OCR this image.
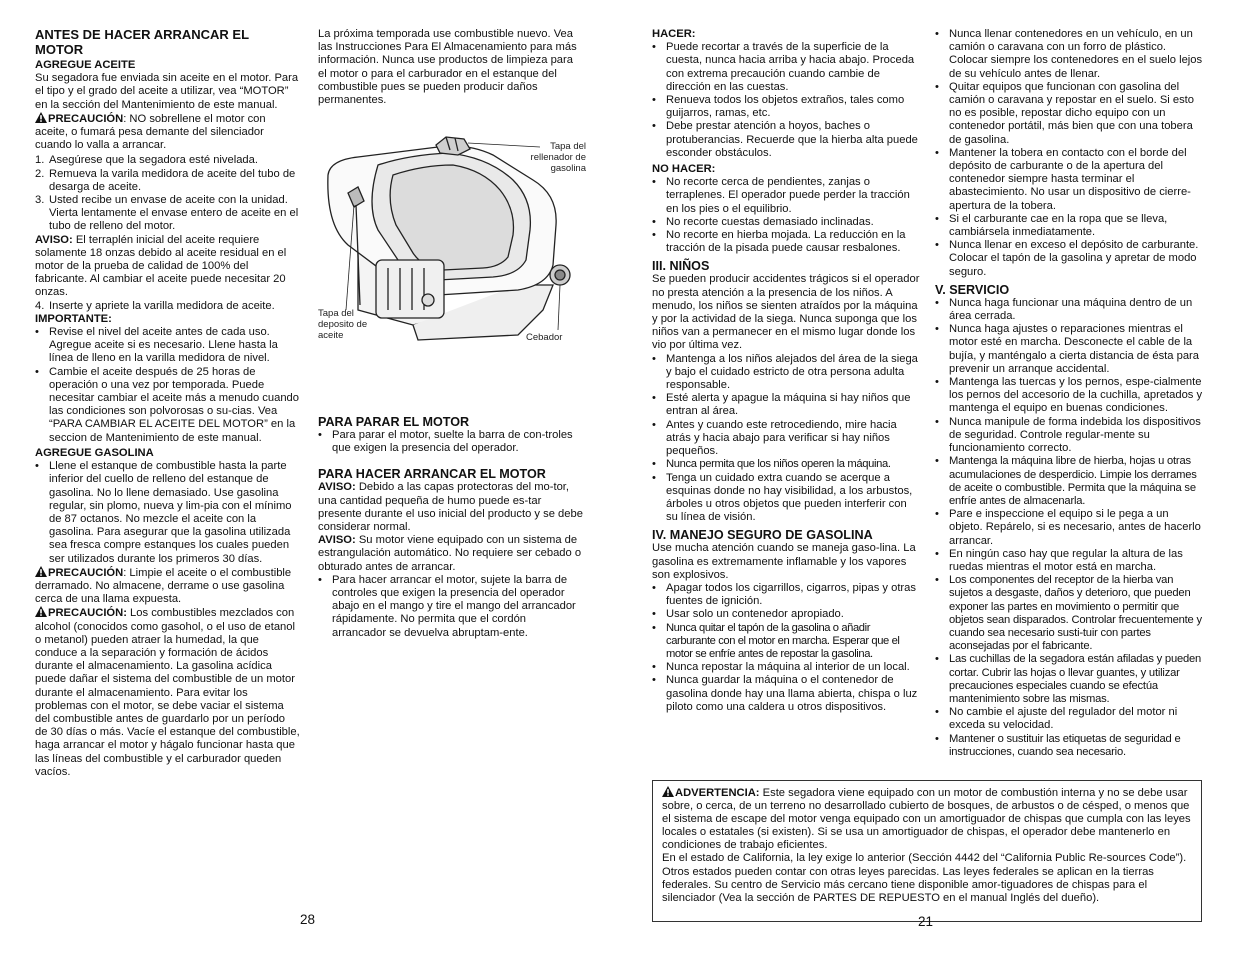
ANTES DE HACER ARRANCAR EL MOTOR

AGREGUE ACEITE

Su segadora fue enviada sin aceite en el motor. Para el tipo y el grado del aceite a utilizar, vea “MOTOR” en la sección del Mantenimiento de este manual.

PRECAUCIÓN: NO sobrellene el motor con aceite, o fumará pesa demante del silenciador cuando lo valla a arrancar.

1. Asegúrese que la segadora esté nivelada.
2. Remueva la varila medidora de aceite del tubo de desarga de aceite.
3. Usted recibe un envase de aceite con la unidad. Vierta lentamente el envase entero de aceite en el tubo de relleno del motor.

AVISO: El terraplén inicial del aceite requiere solamente 18 onzas debido al aceite residual en el motor de la prueba de calidad de 100% del fabricante. Al cambiar el aceite puede necesitar 20 onzas.

4. Inserte y apriete la varilla medidora de aceite.

IMPORTANTE:

• Revise el nivel del aceite antes de cada uso. Agregue aceite si es necesario. Llene hasta la línea de lleno en la varilla medidora de nivel.
• Cambie el aceite después de 25 horas de operación o una vez por temporada. Puede necesitar cambiar el aceite más a menudo cuando las condiciones son polvorosas o su-cias. Vea “PARA CAMBIAR EL ACEITE DEL MOTOR” en la seccion de Mantenimiento de este manual.

AGREGUE GASOLINA

• Llene el estanque de combustible hasta la parte inferior del cuello de relleno del estanque de gasolina. No lo llene demasiado. Use gasolina regular, sin plomo, nueva y lim-pia con el mínimo de 87 octanos. No mezcle el aceite con la gasolina. Para asegurar que la gasolina utilizada sea fresca compre estanques los cuales pueden ser utilizados durante los primeros 30 días.

PRECAUCIÓN: Limpie el aceite o el combustible derramado. No almacene, derrame o use gasolina cerca de una llama expuesta.

PRECAUCIÓN: Los combustibles mezclados con alcohol (conocidos como gasohol, o el uso de etanol o metanol) pueden atraer la humedad, la que conduce a la separación y formación de ácidos durante el almacenamiento. La gasolina acídica puede dañar el sistema del combustible de un motor durante el almacenamiento. Para evitar los problemas con el motor, se debe vaciar el sistema del combustible antes de guardarlo por un período de 30 días o más. Vacíe el estanque del combustible, haga arrancar el motor y hágalo funcionar hasta que las líneas del combustible y el carburador queden vacíos.

La próxima temporada use combustible nuevo. Vea las Instrucciones Para El Almacenamiento para más información. Nunca use productos de limpieza para el motor o para el carburador en el estanque del combustible pues se pueden producir daños permanentes.

Tapa del rellenador de gasolina
Tapa del deposito de aceite	Cebador

PARA PARAR EL MOTOR

• Para parar el motor, suelte la barra de con-troles que exigen la presencia del operador.

PARA HACER ARRANCAR EL MOTOR

AVISO: Debido a las capas protectoras del mo-tor, una cantidad pequeña de humo puede es-tar presente durante el uso inicial del producto y se debe considerar normal.

AVISO: Su motor viene equipado con un sistema de estrangulación automático. No requiere ser cebado o obturado antes de arrancar.

• Para hacer arrancar el motor, sujete la barra de controles que exigen la presencia del operador abajo en el mango y tire el mango del arrancador rápidamente. No permita que el cordón arrancador se devuelva abruptam-ente.
28

HACER:

• Puede recortar a través de la superficie de la cuesta, nunca hacia arriba y hacia abajo. Proceda con extrema precaución cuando cambie de dirección en las cuestas.
• Renueva todos los objetos extraños, tales como guijarros, ramas, etc.
• Debe prestar atención a hoyos, baches o protuberancias. Recuerde que la hierba alta puede esconder obstáculos.

NO HACER:

• No recorte cerca de pendientes, zanjas o terraplenes. El operador puede perder la tracción en los pies o el equilibrio.
• No recorte cuestas demasiado inclinadas.
• No recorte en hierba mojada. La reducción en la tracción de la pisada puede causar resbalones.

III. NIÑOS

Se pueden producir accidentes trágicos si el operador no presta atención a la presencia de los niños. A menudo, los niños se sienten atraídos por la máquina y por la actividad de la siega. Nunca suponga que los niños van a permanecer en el mismo lugar donde los vio por última vez.

• Mantenga a los niños alejados del área de la siega y bajo el cuidado estricto de otra persona adulta responsable.
• Esté alerta y apague la máquina si hay niños que entran al área.
• Antes y cuando este retrocediendo, mire hacia atrás y hacia abajo para verificar si hay niños pequeños.
• Nunca permita que los niños operen la máquina.
• Tenga un cuidado extra cuando se acerque a esquinas donde no hay visibilidad, a los arbustos, árboles u otros objetos que pueden interferir con su línea de visión.

IV. MANEJO SEGURO DE GASOLINA

Use mucha atención cuando se maneja gaso-lina. La gasolina es extremamente inflamable y los vapores son explosivos.

• Apagar todos los cigarrillos, cigarros, pipas y otras fuentes de ignición.
• Usar solo un contenedor apropiado.
• Nunca quitar el tapón de la gasolina o añadir carburante con el motor en marcha. Esperar que el motor se enfríe antes de repostar la gasolina.
• Nunca repostar la máquina al interior de un local.
• Nunca guardar la máquina o el contenedor de gasolina donde hay una llama abierta, chispa o luz piloto como una caldera u otros dispositivos.
• Nunca llenar contenedores en un vehículo, en un camión o caravana con un forro de plástico. Colocar siempre los contenedores en el suelo lejos de su vehículo antes de llenar.
• Quitar equipos que funcionan con gasolina del camión o caravana y repostar en el suelo. Si esto no es posible, repostar dicho equipo con un contenedor portátil, más bien que con una tobera de gasolina.
• Mantener la tobera en contacto con el borde del depósito de carburante o de la apertura del contenedor siempre hasta terminar el abastecimiento. No usar un dispositivo de cierre-apertura de la tobera.
• Si el carburante cae en la ropa que se lleva, cambiársela inmediatamente.
• Nunca llenar en exceso el depósito de carburante. Colocar el tapón de la gasolina y apretar de modo seguro.

V. SERVICIO

• Nunca haga funcionar una máquina dentro de un área cerrada.
• Nunca haga ajustes o reparaciones mientras el motor esté en marcha. Desconecte el cable de la bujía, y manténgalo a cierta distancia de ésta para prevenir un arranque accidental.
• Mantenga las tuercas y los pernos, espe-cialmente los pernos del accesorio de la cuchilla, apretados y mantenga el equipo en buenas condiciones.
• Nunca manipule de forma indebida los dispositivos de seguridad. Controle regular-mente su funcionamiento correcto.
• Mantenga la máquina libre de hierba, hojas u otras acumulaciones de desperdicio. Limpie los derrames de aceite o combustible. Permita que la máquina se enfríe antes de almacenarla.
• Pare e inspeccione el equipo si le pega a un objeto. Repárelo, si es necesario, antes de hacerlo arrancar.
• En ningún caso hay que regular la altura de las ruedas mientras el motor está en marcha.
• Los componentes del receptor de la hierba van sujetos a desgaste, daños y deterioro, que pueden exponer las partes en movimiento o permitir que objetos sean disparados. Controlar frecuentemente y cuando sea necesario susti-tuir con partes aconsejadas por el fabricante.
• Las cuchillas de la segadora están afiladas y pueden cortar. Cubrir las hojas o llevar guantes, y utilizar precauciones especiales cuando se efectúa mantenimiento sobre las mismas.
• No cambie el ajuste del regulador del motor ni exceda su velocidad.
• Mantener o sustituir las etiquetas de seguridad e instrucciones, cuando sea necesario.

ADVERTENCIA: Este segadora viene equipado con un motor de combustión interna y no se debe usar sobre, o cerca, de un terreno no desarrollado cubierto de bosques, de arbustos o de césped, o menos que el sistema de escape del motor venga equipado con un amortiguador de chispas que cumpla con las leyes locales o estatales (si existen). Si se usa un amortiguador de chispas, el operador debe mantenerlo en condiciones de trabajo eficientes.

En el estado de California, la ley exige lo anterior (Sección 4442 del “California Public Re-sources Code”). Otros estados pueden contar con otras leyes parecidas. Las leyes federales se aplican en la tierras federales. Su centro de Servicio más cercano tiene disponible amor-tiguadores de chispas para el silenciador (Vea la sección de PARTES DE REPUESTO en el manual Inglés del dueño).

21
